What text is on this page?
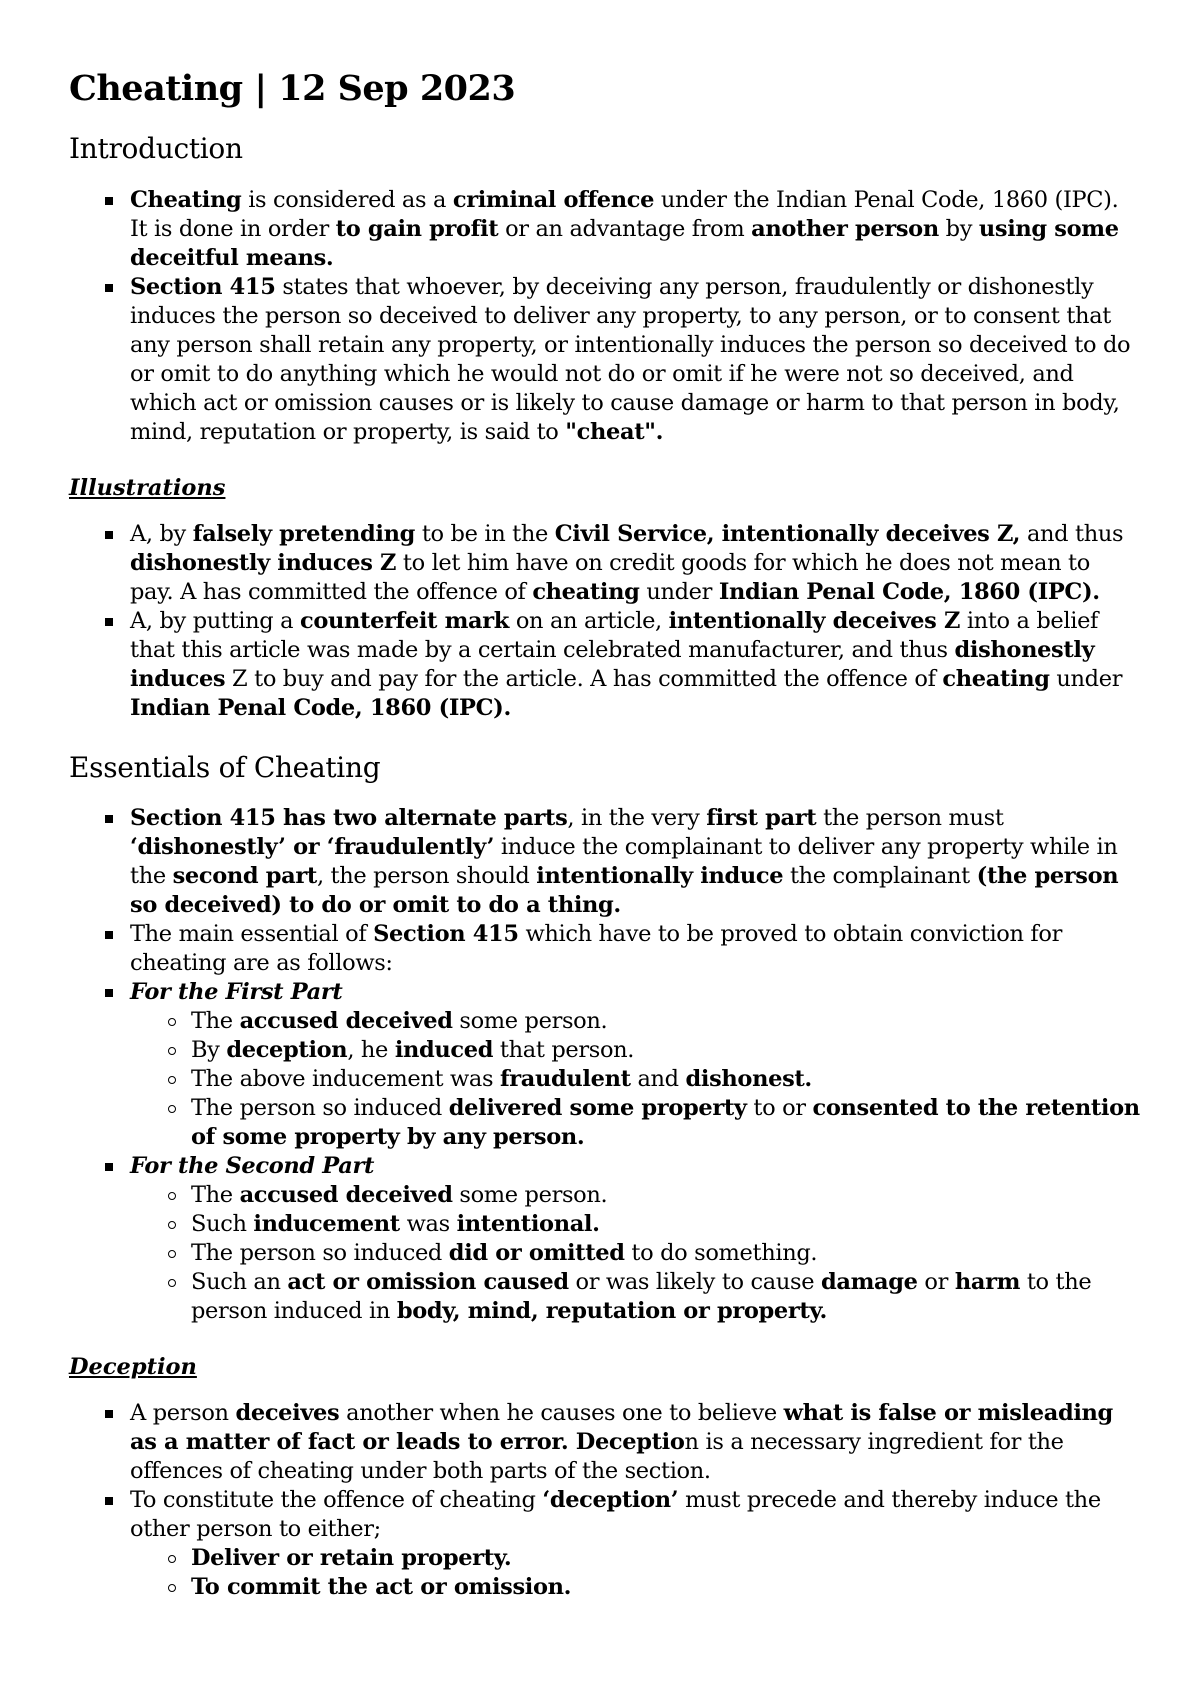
Cheating | 12 Sep 2023
Introduction
Cheating is considered as a criminal offence under the Indian Penal Code, 1860 (IPC). It is done in order to gain profit or an advantage from another person by using some deceitful means.
Section 415 states that whoever, by deceiving any person, fraudulently or dishonestly induces the person so deceived to deliver any property, to any person, or to consent that any person shall retain any property, or intentionally induces the person so deceived to do or omit to do anything which he would not do or omit if he were not so deceived, and which act or omission causes or is likely to cause damage or harm to that person in body, mind, reputation or property, is said to "cheat".
Illustrations
A, by falsely pretending to be in the Civil Service, intentionally deceives Z, and thus dishonestly induces Z to let him have on credit goods for which he does not mean to pay. A has committed the offence of cheating under Indian Penal Code, 1860 (IPC).
A, by putting a counterfeit mark on an article, intentionally deceives Z into a belief that this article was made by a certain celebrated manufacturer, and thus dishonestly induces Z to buy and pay for the article. A has committed the offence of cheating under Indian Penal Code, 1860 (IPC).
Essentials of Cheating
Section 415 has two alternate parts, in the very first part the person must ‘dishonestly’ or ‘fraudulently’ induce the complainant to deliver any property while in the second part, the person should intentionally induce the complainant (the person so deceived) to do or omit to do a thing.
The main essential of Section 415 which have to be proved to obtain conviction for cheating are as follows:
For the First Part
The accused deceived some person.
By deception, he induced that person.
The above inducement was fraudulent and dishonest.
The person so induced delivered some property to or consented to the retention of some property by any person.
For the Second Part
The accused deceived some person.
Such inducement was intentional.
The person so induced did or omitted to do something.
Such an act or omission caused or was likely to cause damage or harm to the person induced in body, mind, reputation or property.
Deception
A person deceives another when he causes one to believe what is false or misleading as a matter of fact or leads to error. Deception is a necessary ingredient for the offences of cheating under both parts of the section.
To constitute the offence of cheating ‘deception’ must precede and thereby induce the other person to either;
Deliver or retain property.
To commit the act or omission.
